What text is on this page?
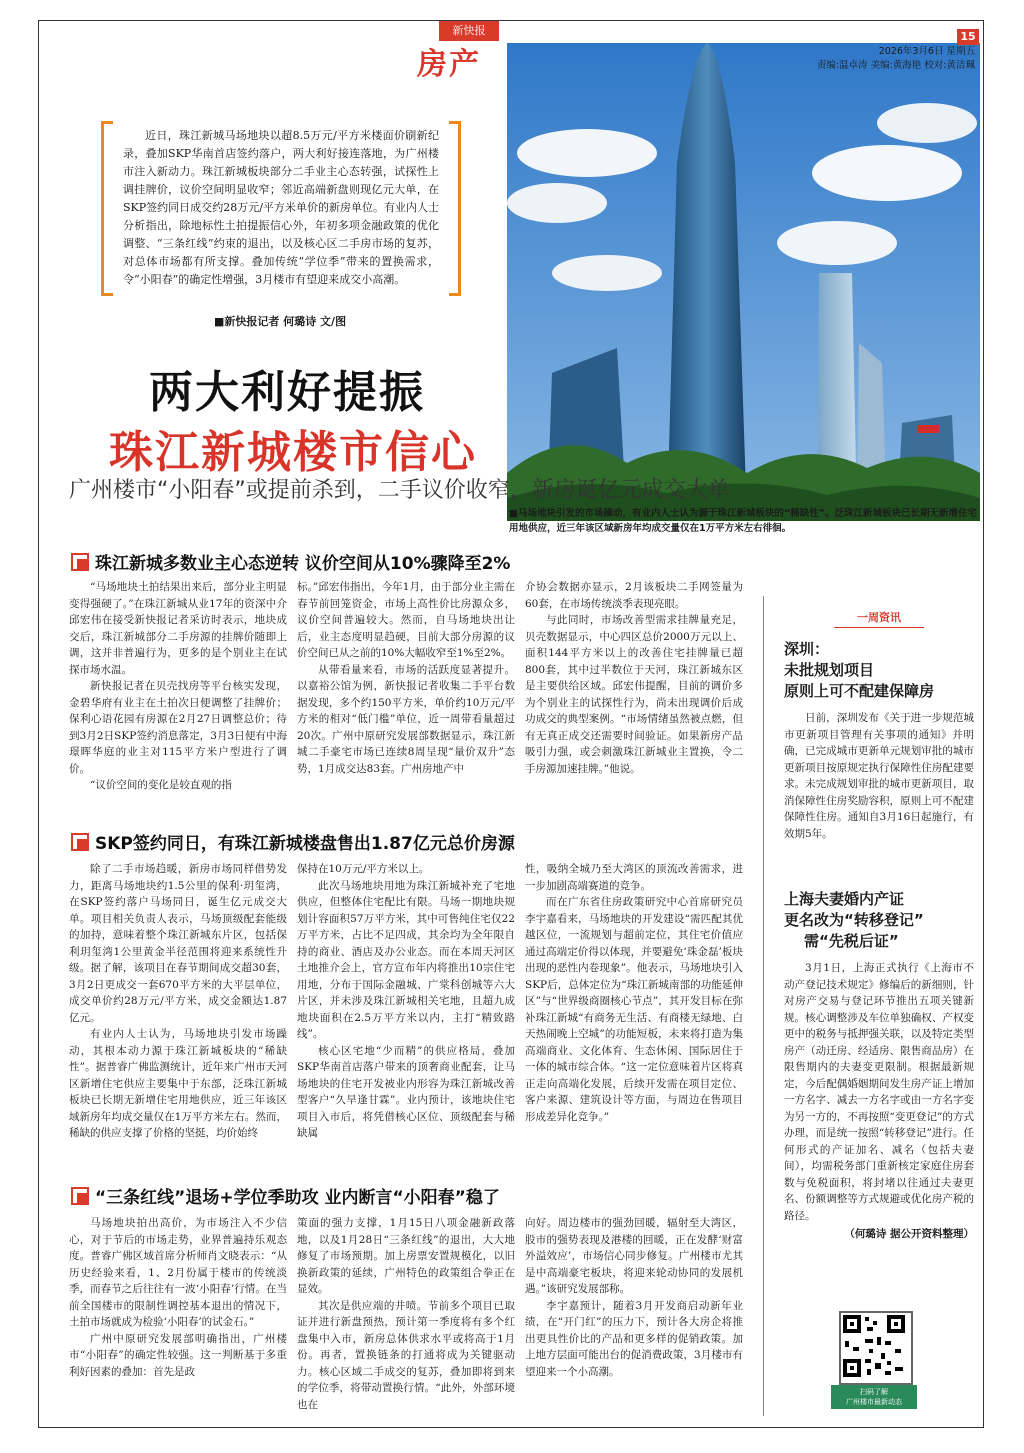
新快报
房产
近日，珠江新城马场地块以超8.5万元/平方米楼面价刷新纪录，叠加SKP华南首店签约落户，两大利好接连落地，为广州楼市注入新动力。珠江新城板块部分二手业主心态转强，试探性上调挂牌价，议价空间明显收窄；邻近高端新盘则现亿元大单，在SKP签约同日成交约28万元/平方米单价的新房单位。有业内人士分析指出，除地标性土拍提振信心外，年初多项金融政策的优化调整、“三条红线”约束的退出，以及核心区二手房市场的复苏，对总体市场都有所支撑。叠加传统“学位季”带来的置换需求，令“小阳春”的确定性增强，3月楼市有望迎来成交小高潮。
■新快报记者 何璐诗 文/图
15
2026年3月6日 星期五
责编:温卓涛 美编:黄海艳 校对:黄洁珮
■马场地块引发的市场躁动，有业内人士认为源于珠江新城板块的“稀缺性”。泛珠江新城板块已长期无新增住宅用地供应，近三年该区域新房年均成交量仅在1万平方米左右徘徊。
两大利好提振
珠江新城楼市信心
广州楼市“小阳春”或提前杀到，二手议价收窄，新房诞亿元成交大单
珠江新城多数业主心态逆转 议价空间从10%骤降至2%

“马场地块土拍结果出来后，部分业主明显变得强硬了。”在珠江新城从业17年的资深中介邱宏伟在接受新快报记者采访时表示，地块成交后，珠江新城部分二手房源的挂牌价随即上调，这并非普遍行为，更多的是个别业主在试探市场水温。

新快报记者在贝壳找房等平台核实发现，金碧华府有业主在土拍次日便调整了挂牌价；保利心语花园有房源在2月27日调整总价；待到3月2日SKP签约消息落定，3月3日便有中海璟晖华庭的业主对115平方米户型进行了调价。

“议价空间的变化是较直观的指

标。”邱宏伟指出，今年1月，由于部分业主需在春节前回笼资金，市场上高性价比房源众多，议价空间普遍较大。然而，自马场地块出让后，业主态度明显趋硬，目前大部分房源的议价空间已从之前的10%大幅收窄至1%至2%。

从带看量来看，市场的活跃度显著提升。以嘉裕公馆为例，新快报记者收集二手平台数据发现，多个约150平方米，单价约10万元/平方米的相对“低门槛”单位，近一周带看量超过20次。广州中原研究发展部数据显示，珠江新城二手豪宅市场已连续8周呈现“量价双升”态势，1月成交达83套。广州房地产中

介协会数据亦显示，2月该板块二手网签量为60套，在市场传统淡季表现亮眼。

与此同时，市场改善型需求挂牌量充足，贝壳数据显示，中心四区总价2000万元以上、面积144平方米以上的改善住宅挂牌量已超800套，其中过半数位于天河，珠江新城东区是主要供给区域。邱宏伟提醒，目前的调价多为个别业主的试探性行为，尚未出现调价后成功成交的典型案例。“市场情绪虽然被点燃，但有无真正成交还需要时间验证。如果新房产品吸引力强，或会刺激珠江新城业主置换，令二手房源加速挂牌。”他说。

SKP签约同日，有珠江新城楼盘售出1.87亿元总价房源

除了二手市场趋暖，新房市场同样借势发力，距离马场地块约1.5公里的保利·玥玺湾，在SKP签约落户马场同日，诞生亿元成交大单。项目相关负责人表示，马场顶级配套能级的加持，意味着整个珠江新城东片区，包括保利玥玺湾1公里黄金半径范围将迎来系统性升级。据了解，该项目在春节期间成交超30套，3月2日更成交一套670平方米的大平层单位，成交单价约28万元/平方米，成交金额达1.87亿元。

有业内人士认为，马场地块引发市场躁动，其根本动力源于珠江新城板块的“稀缺性”。据普睿广佛监测统计，近年来广州市天河区新增住宅供应主要集中于东部，泛珠江新城板块已长期无新增住宅用地供应，近三年该区域新房年均成交量仅在1万平方米左右。然而，稀缺的供应支撑了价格的坚挺，均价始终

保持在10万元/平方米以上。

此次马场地块用地为珠江新城补充了宅地供应，但整体住宅配比有限。马场一期地块规划计容面积57万平方米，其中可售纯住宅仅22万平方米，占比不足四成，其余均为全年限自持的商业、酒店及办公业态。而在本周天河区土地推介会上，官方宣布年内将推出10宗住宅用地，分布于国际金融城、广棠科创城等六大片区，并未涉及珠江新城相关宅地，且超九成地块面积在2.5万平方米以内，主打“精致路线”。

核心区宅地“少而精”的供应格局，叠加SKP华南首店落户带来的顶奢商业配套，让马场地块的住宅开发被业内形容为珠江新城改善型客户“久旱逢甘霖”。业内预计，该地块住宅项目入市后，将凭借核心区位、顶级配套与稀缺属

性，吸纳全城乃至大湾区的顶流改善需求，进一步加剧高端赛道的竞争。

而在广东省住房政策研究中心首席研究员李宇嘉看来，马场地块的开发建设“需匹配其优越区位，一流规划与超前定位，其住宅价值应通过高端定价得以体现，并要避免‘珠金磊’板块出现的恶性内卷现象”。他表示，马场地块引入SKP后，总体定位为“珠江新城南部的功能延伸区”与“世界级商圈核心节点”，其开发目标在弥补珠江新城“有商务无生活、有商楼无绿地、白天热闹晚上空城”的功能短板，未来将打造为集高端商业、文化体育、生态休闲、国际居住于一体的城市综合体。“这一定位意味着片区将真正走向高端化发展，后续开发需在项目定位、客户来源、建筑设计等方面，与周边在售项目形成差异化竞争。”

“三条红线”退场+学位季助攻 业内断言“小阳春”稳了

马场地块拍出高价，为市场注入不少信心，对于节后的市场走势，业界普遍持乐观态度。普睿广佛区域首席分析师肖文晓表示：“从历史经验来看，1、2月份属于楼市的传统淡季，而春节之后往往有一波‘小阳春’行情。在当前全国楼市的限制性调控基本退出的情况下，土拍市场就成为检验‘小阳春’的试金石。”

广州中原研究发展部明确指出，广州楼市“小阳春”的确定性较强。这一判断基于多重利好因素的叠加：首先是政

策面的强力支撑，1月15日八项金融新政落地，以及1月28日“三条红线”的退出，大大地修复了市场预期。加上房票安置规模化，以旧换新政策的延续，广州特色的政策组合拳正在显效。

其次是供应端的井喷。节前多个项目已取证并进行新盘预热，预计第一季度将有多个红盘集中入市，新房总体供求水平或将高于1月份。再者，置换链条的打通将成为关键驱动力。核心区域二手成交的复苏，叠加即将到来的学位季，将带动置换行情。“此外，外部环境也在

向好。周边楼市的强劲回暖，辐射至大湾区，股市的强势表现及港楼的回暖，正在发酵‘财富外溢效应’，市场信心同步修复。广州楼市尤其是中高端豪宅板块，将迎来轮动协同的发展机遇。”该研究发展部称。

李宇嘉预计，随着3月开发商启动新年业绩，在“开门红”的压力下，预计各大房企将推出更具性价比的产品和更多样的促销政策。加上地方层面可能出台的促消费政策，3月楼市有望迎来一个小高潮。

一周资讯
深圳：
未批规划项目
原则上可不配建保障房

日前，深圳发布《关于进一步规范城市更新项目管理有关事项的通知》并明确，已完成城市更新单元规划审批的城市更新项目按原规定执行保障性住房配建要求。未完成规划审批的城市更新项目，取消保障性住房奖励容积，原则上可不配建保障性住房。通知自3月16日起施行，有效期5年。

上海夫妻婚内产证
更名改为“转移登记”
需“先税后证”

3月1日，上海正式执行《上海市不动产登记技术规定》修编后的新细则，针对房产交易与登记环节推出五项关键新规。核心调整涉及车位单独确权、产权变更中的税务与抵押强关联，以及特定类型房产（动迁房、经适房、限售商品房）在限售期内的夫妻变更限制。根据最新规定，今后配偶婚姻期间发生房产证上增加一方名字、减去一方名字或由一方名字变为另一方的，不再按照“变更登记”的方式办理，而是统一按照“转移登记”进行。任何形式的产证加名、减名（包括夫妻间），均需税务部门重新核定家庭住房套数与免税面积，将封堵以往通过夫妻更名、份额调整等方式规避或优化房产税的路径。

（何璐诗 据公开资料整理）
扫码了解
广州楼市最新动态
